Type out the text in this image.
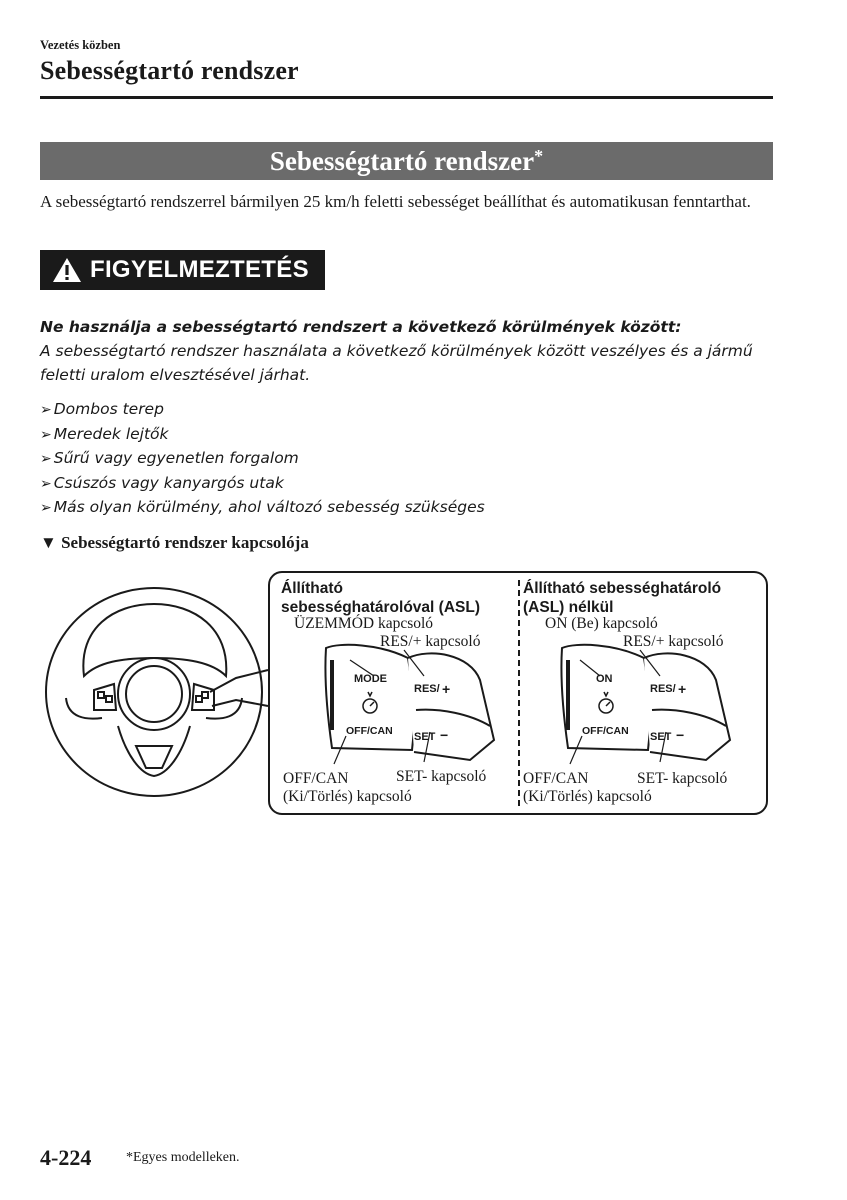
Vezetés közben
Sebességtartó rendszer
Sebességtartó rendszer*
A sebességtartó rendszerrel bármilyen 25 km/h feletti sebességet beállíthat és automatikusan fenntarthat.
FIGYELMEZTETÉS
Ne használja a sebességtartó rendszert a következő körülmények között:
A sebességtartó rendszer használata a következő körülmények között veszélyes és a jármű feletti uralom elvesztésével járhat.
➢ Dombos terep
➢ Meredek lejtők
➢ Sűrű vagy egyenetlen forgalom
➢ Csúszós vagy kanyargós utak
➢ Más olyan körülmény, ahol változó sebesség szükséges
▼ Sebességtartó rendszer kapcsolója
Állítható
sebességhatárolóval (ASL)
ÜZEMMÓD kapcsoló
RES/+ kapcsoló
MODE
OFF/CAN
RES/ +
SET −
OFF/CAN
(Ki/Törlés) kapcsoló
SET- kapcsoló
Állítható sebességhatároló
(ASL) nélkül
ON (Be) kapcsoló
RES/+ kapcsoló
ON
OFF/CAN
RES/ +
SET −
OFF/CAN
(Ki/Törlés) kapcsoló
SET- kapcsoló
4-224 *Egyes modelleken.
